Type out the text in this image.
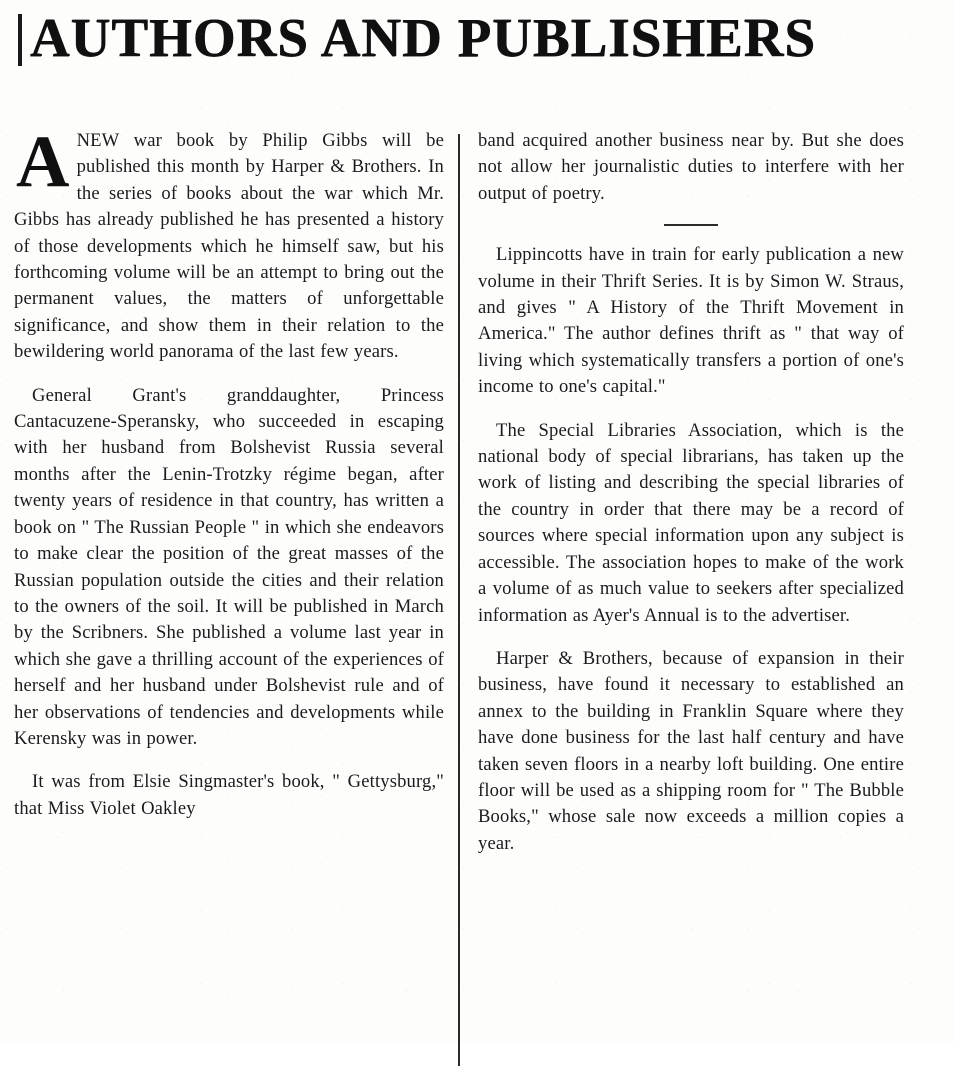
AUTHORS AND PUBLISHERS

ANEW war book by Philip Gibbs will be published this month by Harper & Brothers. In the series of books about the war which Mr. Gibbs has already published he has presented a history of those developments which he himself saw, but his forthcoming volume will be an attempt to bring out the permanent values, the matters of unforgettable significance, and show them in their relation to the bewildering world panorama of the last few years.

General Grant's granddaughter, Princess Cantacuzene-Speransky, who succeeded in escaping with her husband from Bolshevist Russia several months after the Lenin-Trotzky régime began, after twenty years of residence in that country, has written a book on " The Russian People " in which she endeavors to make clear the position of the great masses of the Russian population outside the cities and their relation to the owners of the soil. It will be published in March by the Scribners. She published a volume last year in which she gave a thrilling account of the experiences of herself and her husband under Bolshevist rule and of her observations of tendencies and developments while Kerensky was in power.

It was from Elsie Singmaster's book, " Gettysburg," that Miss Violet Oakley

band acquired another business near by. But she does not allow her journalistic duties to interfere with her output of poetry.

Lippincotts have in train for early publication a new volume in their Thrift Series. It is by Simon W. Straus, and gives " A History of the Thrift Movement in America." The author defines thrift as " that way of living which systematically transfers a portion of one's income to one's capital."

The Special Libraries Association, which is the national body of special librarians, has taken up the work of listing and describing the special libraries of the country in order that there may be a record of sources where special information upon any subject is accessible. The association hopes to make of the work a volume of as much value to seekers after specialized information as Ayer's Annual is to the advertiser.

Harper & Brothers, because of expansion in their business, have found it necessary to established an annex to the building in Franklin Square where they have done business for the last half century and have taken seven floors in a nearby loft building. One entire floor will be used as a shipping room for " The Bubble Books," whose sale now exceeds a million copies a year.
